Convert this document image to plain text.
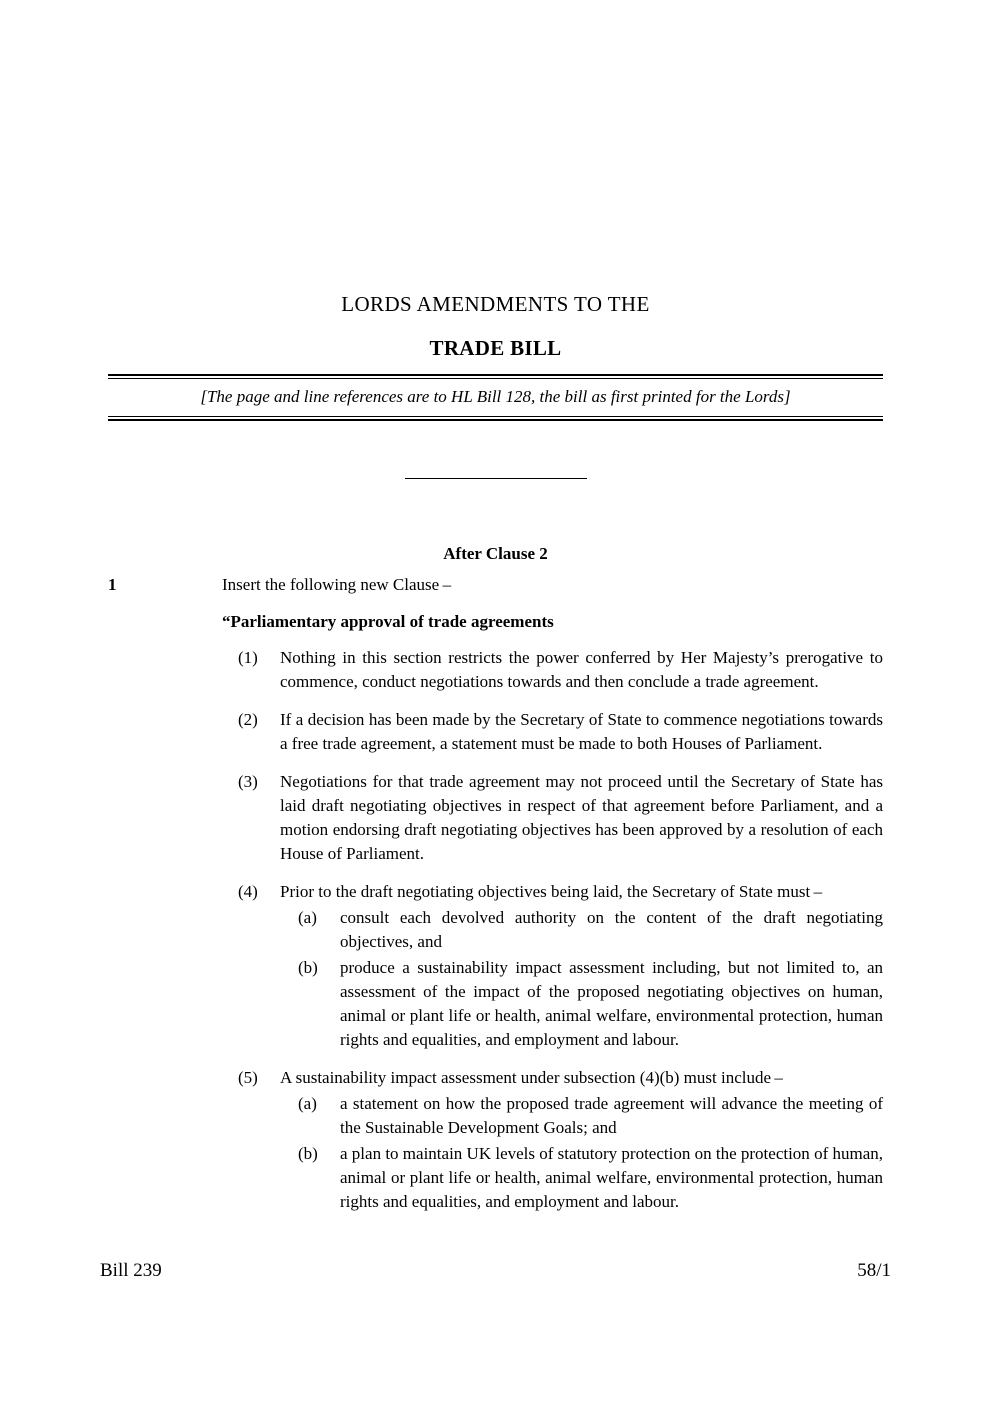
LORDS AMENDMENTS TO THE
TRADE BILL
[The page and line references are to HL Bill 128, the bill as first printed for the Lords]
After Clause 2
1	Insert the following new Clause –
“Parliamentary approval of trade agreements
(1)	Nothing in this section restricts the power conferred by Her Majesty’s prerogative to commence, conduct negotiations towards and then conclude a trade agreement.
(2)	If a decision has been made by the Secretary of State to commence negotiations towards a free trade agreement, a statement must be made to both Houses of Parliament.
(3)	Negotiations for that trade agreement may not proceed until the Secretary of State has laid draft negotiating objectives in respect of that agreement before Parliament, and a motion endorsing draft negotiating objectives has been approved by a resolution of each House of Parliament.
(4)	Prior to the draft negotiating objectives being laid, the Secretary of State must –
(a)	consult each devolved authority on the content of the draft negotiating objectives, and
(b)	produce a sustainability impact assessment including, but not limited to, an assessment of the impact of the proposed negotiating objectives on human, animal or plant life or health, animal welfare, environmental protection, human rights and equalities, and employment and labour.
(5)	A sustainability impact assessment under subsection (4)(b) must include –
(a)	a statement on how the proposed trade agreement will advance the meeting of the Sustainable Development Goals; and
(b)	a plan to maintain UK levels of statutory protection on the protection of human, animal or plant life or health, animal welfare, environmental protection, human rights and equalities, and employment and labour.
Bill 239	58/1
